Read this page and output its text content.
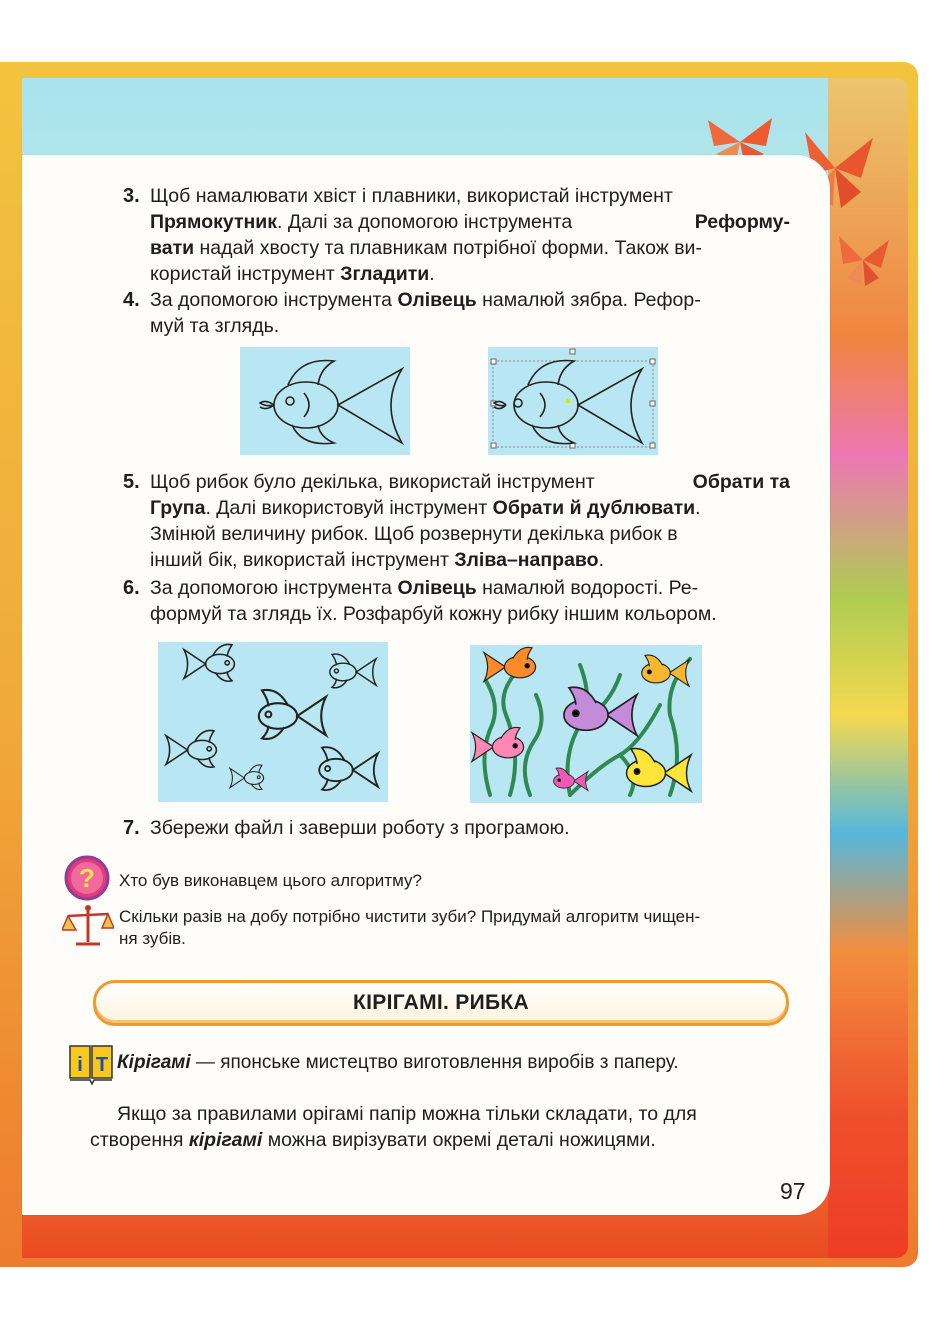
3. Щоб намалювати хвіст і плавники, використай інструмент
Прямокутник. Далі за допомогою інструмента	Реформу-
вати надай хвосту та плавникам потрібної форми. Також ви-
користай інструмент Згладити.
4. За допомогою інструмента Олівець намалюй зябра. Рефор-
муй та зглядь.
5. Щоб рибок було декілька, використай інструмент	Обрати та
Група. Далі використовуй інструмент Обрати й дублювати.
Змінюй величину рибок. Щоб розвернути декілька рибок в
інший бік, використай інструмент Зліва–направо.
6. За допомогою інструмента Олівець намалюй водорості. Ре-
формуй та зглядь їх. Розфарбуй кожну рибку іншим кольором.
7. Збережи файл і заверши роботу з програмою.
? Хто був виконавцем цього алгоритму?
Скільки разів на добу потрібно чистити зуби? Придумай алгоритм чищен-
ня зубів.
КІРІГАМІ. РИБКА
і Т Кірігамі — японське мистецтво виготовлення виробів з паперу.
Якщо за правилами орігамі папір можна тільки складати, то для
створення кірігамі можна вирізувати окремі деталі ножицями.
97
